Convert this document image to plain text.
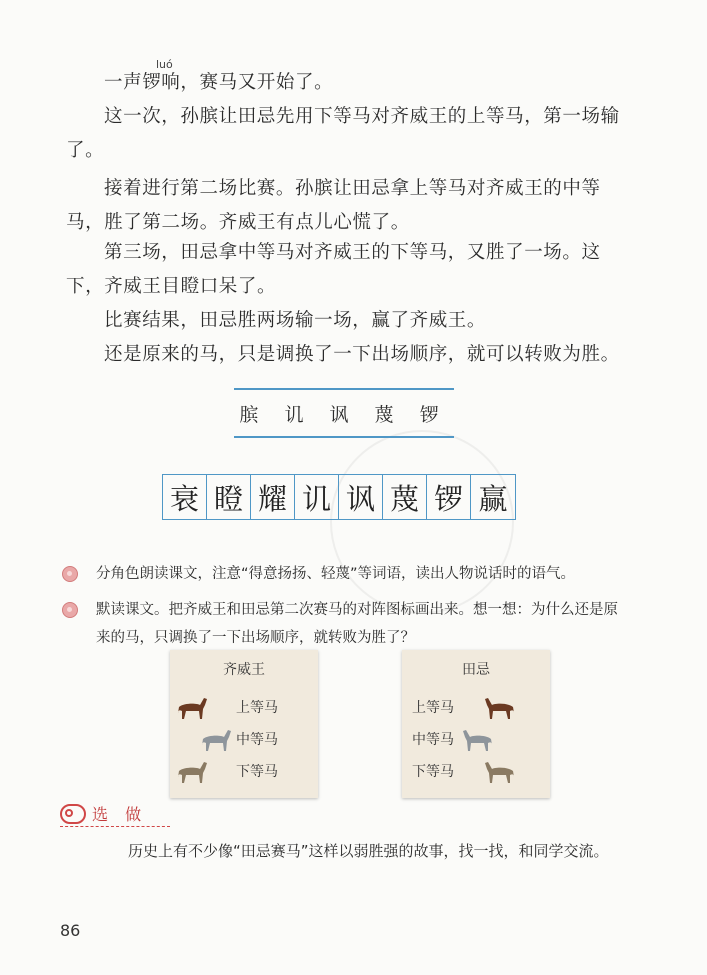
luó

一声锣响，赛马又开始了。

这一次，孙膑让田忌先用下等马对齐威王的上等马，第一场输了。

接着进行第二场比赛。孙膑让田忌拿上等马对齐威王的中等马，胜了第二场。齐威王有点儿心慌了。

第三场，田忌拿中等马对齐威王的下等马，又胜了一场。这下，齐威王目瞪口呆了。

比赛结果，田忌胜两场输一场，赢了齐威王。

还是原来的马，只是调换了一下出场顺序，就可以转败为胜。

膑 讥 讽 蔑 锣
衰 瞪 耀 讥 讽 蔑 锣 赢
分角色朗读课文，注意“得意扬扬、轻蔑”等词语，读出人物说话时的语气。
默读课文。把齐威王和田忌第二次赛马的对阵图标画出来。想一想：为什么还是原来的马，只调换了一下出场顺序，就转败为胜了？
齐威王
上等马
中等马
下等马
田忌
上等马
中等马
下等马
选 做
历史上有不少像“田忌赛马”这样以弱胜强的故事，找一找，和同学交流。
86
